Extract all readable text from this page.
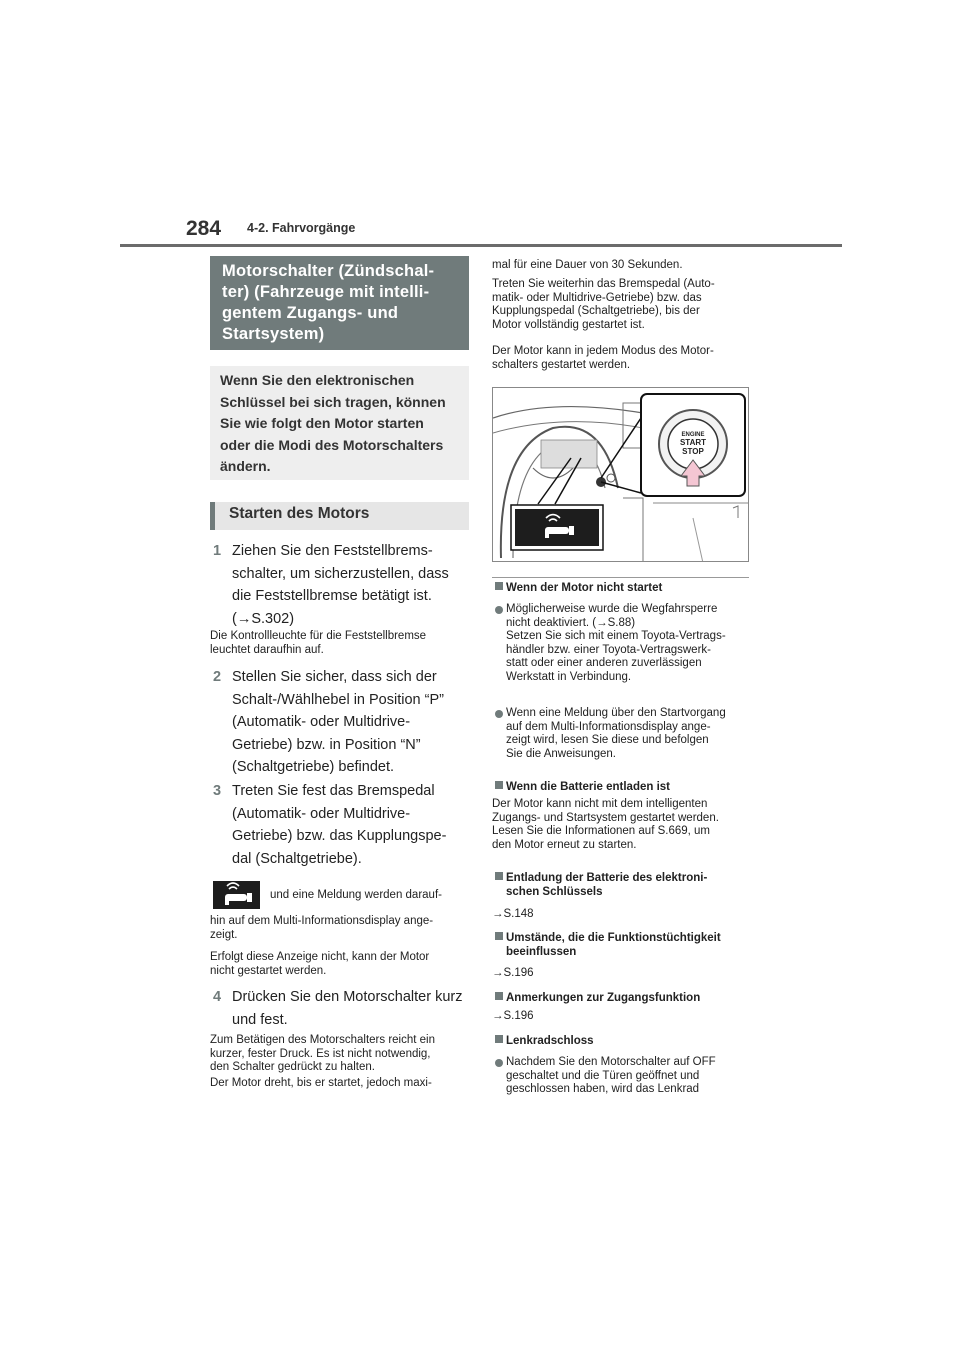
284 4-2. Fahrvorgänge
Motorschalter (Zündschal-
ter) (Fahrzeuge mit intelli-
gentem Zugangs- und
Startsystem)
Wenn Sie den elektronischen
Schlüssel bei sich tragen, können
Sie wie folgt den Motor starten
oder die Modi des Motorschalters
ändern.
Starten des Motors
1 Ziehen Sie den Feststellbrems-
schalter, um sicherzustellen, dass
die Feststellbremse betätigt ist.
(→S.302)
Die Kontrollleuchte für die Feststellbremse
leuchtet daraufhin auf.
2 Stellen Sie sicher, dass sich der
Schalt-/Wählhebel in Position “P”
(Automatik- oder Multidrive-
Getriebe) bzw. in Position “N”
(Schaltgetriebe) befindet.
3 Treten Sie fest das Bremspedal
(Automatik- oder Multidrive-
Getriebe) bzw. das Kupplungspe-
dal (Schaltgetriebe).
und eine Meldung werden darauf-
hin auf dem Multi-Informationsdisplay ange-
zeigt.
Erfolgt diese Anzeige nicht, kann der Motor
nicht gestartet werden.
4 Drücken Sie den Motorschalter kurz
und fest.
Zum Betätigen des Motorschalters reicht ein
kurzer, fester Druck. Es ist nicht notwendig,
den Schalter gedrückt zu halten.
Der Motor dreht, bis er startet, jedoch maxi-
mal für eine Dauer von 30 Sekunden.
Treten Sie weiterhin das Bremspedal (Auto-
matik- oder Multidrive-Getriebe) bzw. das
Kupplungspedal (Schaltgetriebe), bis der
Motor vollständig gestartet ist.
Der Motor kann in jedem Modus des Motor-
schalters gestartet werden.
ENGINE
START
STOP
Wenn der Motor nicht startet
Möglicherweise wurde die Wegfahrsperre
nicht deaktiviert. (→S.88)
Setzen Sie sich mit einem Toyota-Vertrags-
händler bzw. einer Toyota-Vertragswerk-
statt oder einer anderen zuverlässigen
Werkstatt in Verbindung.
Wenn eine Meldung über den Startvorgang
auf dem Multi-Informationsdisplay ange-
zeigt wird, lesen Sie diese und befolgen
Sie die Anweisungen.
Wenn die Batterie entladen ist
Der Motor kann nicht mit dem intelligenten
Zugangs- und Startsystem gestartet werden.
Lesen Sie die Informationen auf S.669, um
den Motor erneut zu starten.
Entladung der Batterie des elektroni-
schen Schlüssels
→S.148
Umstände, die die Funktionstüchtigkeit
beeinflussen
→S.196
Anmerkungen zur Zugangsfunktion
→S.196
Lenkradschloss
Nachdem Sie den Motorschalter auf OFF
geschaltet und die Türen geöffnet und
geschlossen haben, wird das Lenkrad
